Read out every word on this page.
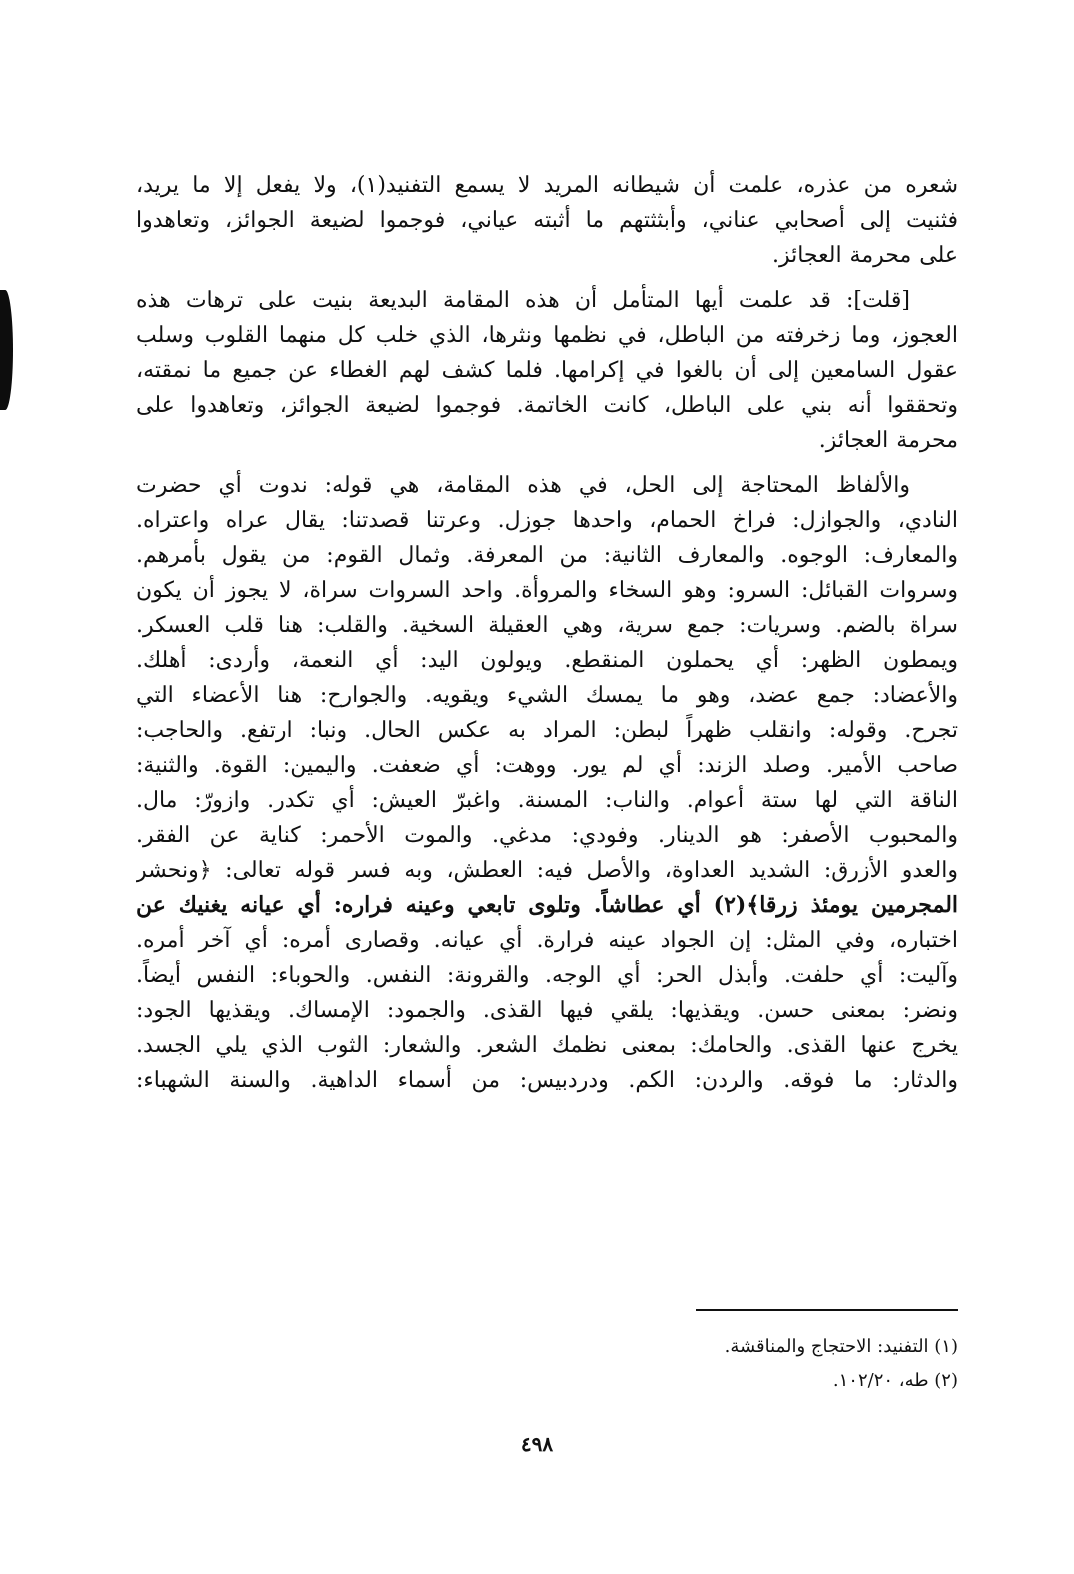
شعره من عذره، علمت أن شيطانه المريد لا يسمع التفنيد(١)، ولا يفعل إلا ما يريد،
فثنيت إلى أصحابي عناني، وأبثثتهم ما أثبته عياني، فوجموا لضيعة الجوائز، وتعاهدوا
على محرمة العجائز.

[قلت]: قد علمت أيها المتأمل أن هذه المقامة البديعة بنيت على ترهات هذه
العجوز، وما زخرفته من الباطل، في نظمها ونثرها، الذي خلب كل منهما القلوب وسلب
عقول السامعين إلى أن بالغوا في إكرامها. فلما كشف لهم الغطاء عن جميع ما نمقته،
وتحققوا أنه بني على الباطل، كانت الخاتمة. فوجموا لضيعة الجوائز، وتعاهدوا على
محرمة العجائز.

والألفاظ المحتاجة إلى الحل، في هذه المقامة، هي قوله: ندوت أي حضرت
النادي، والجوازل: فراخ الحمام، واحدها جوزل. وعرتنا قصدتنا: يقال عراه واعتراه.
والمعارف: الوجوه. والمعارف الثانية: من المعرفة. وثمال القوم: من يقول بأمرهم.
وسروات القبائل: السرو: وهو السخاء والمروأة. واحد السروات سراة، لا يجوز أن يكون
سراة بالضم. وسريات: جمع سرية، وهي العقيلة السخية. والقلب: هنا قلب العسكر.
ويمطون الظهر: أي يحملون المنقطع. ويولون اليد: أي النعمة، وأردى: أهلك.
والأعضاد: جمع عضد، وهو ما يمسك الشيء ويقويه. والجوارح: هنا الأعضاء التي
تجرح. وقوله: وانقلب ظهراً لبطن: المراد به عكس الحال. ونبا: ارتفع. والحاجب:
صاحب الأمير. وصلد الزند: أي لم يور. ووهت: أي ضعفت. واليمين: القوة. والثنية:
الناقة التي لها ستة أعوام. والناب: المسنة. واغبرّ العيش: أي تكدر. وازورّ: مال.
والمحبوب الأصفر: هو الدينار. وفودي: مدغي. والموت الأحمر: كناية عن الفقر.
والعدو الأزرق: الشديد العداوة، والأصل فيه: العطش، وبه فسر قوله تعالى: ﴿ونحشر
المجرمين يومئذ زرقا﴾(٢) أي عطاشاً. وتلوى تابعي وعينه فراره: أي عيانه يغنيك عن
اختباره، وفي المثل: إن الجواد عينه فرارة. أي عيانه. وقصارى أمره: أي آخر أمره.
وآليت: أي حلفت. وأبذل الحر: أي الوجه. والقرونة: النفس. والحوباء: النفس أيضاً.
ونضر: بمعنى حسن. ويقذيها: يلقي فيها القذى. والجمود: الإمساك. ويقذيها الجود:
يخرج عنها القذى. والحامك: بمعنى نظمك الشعر. والشعار: الثوب الذي يلي الجسد.
والدثار: ما فوقه. والردن: الكم. ودردبيس: من أسماء الداهية. والسنة الشهباء:

(١) التفنيد: الاحتجاج والمناقشة.
(٢) طه، ١٠٢/٢٠.
٤٩٨
